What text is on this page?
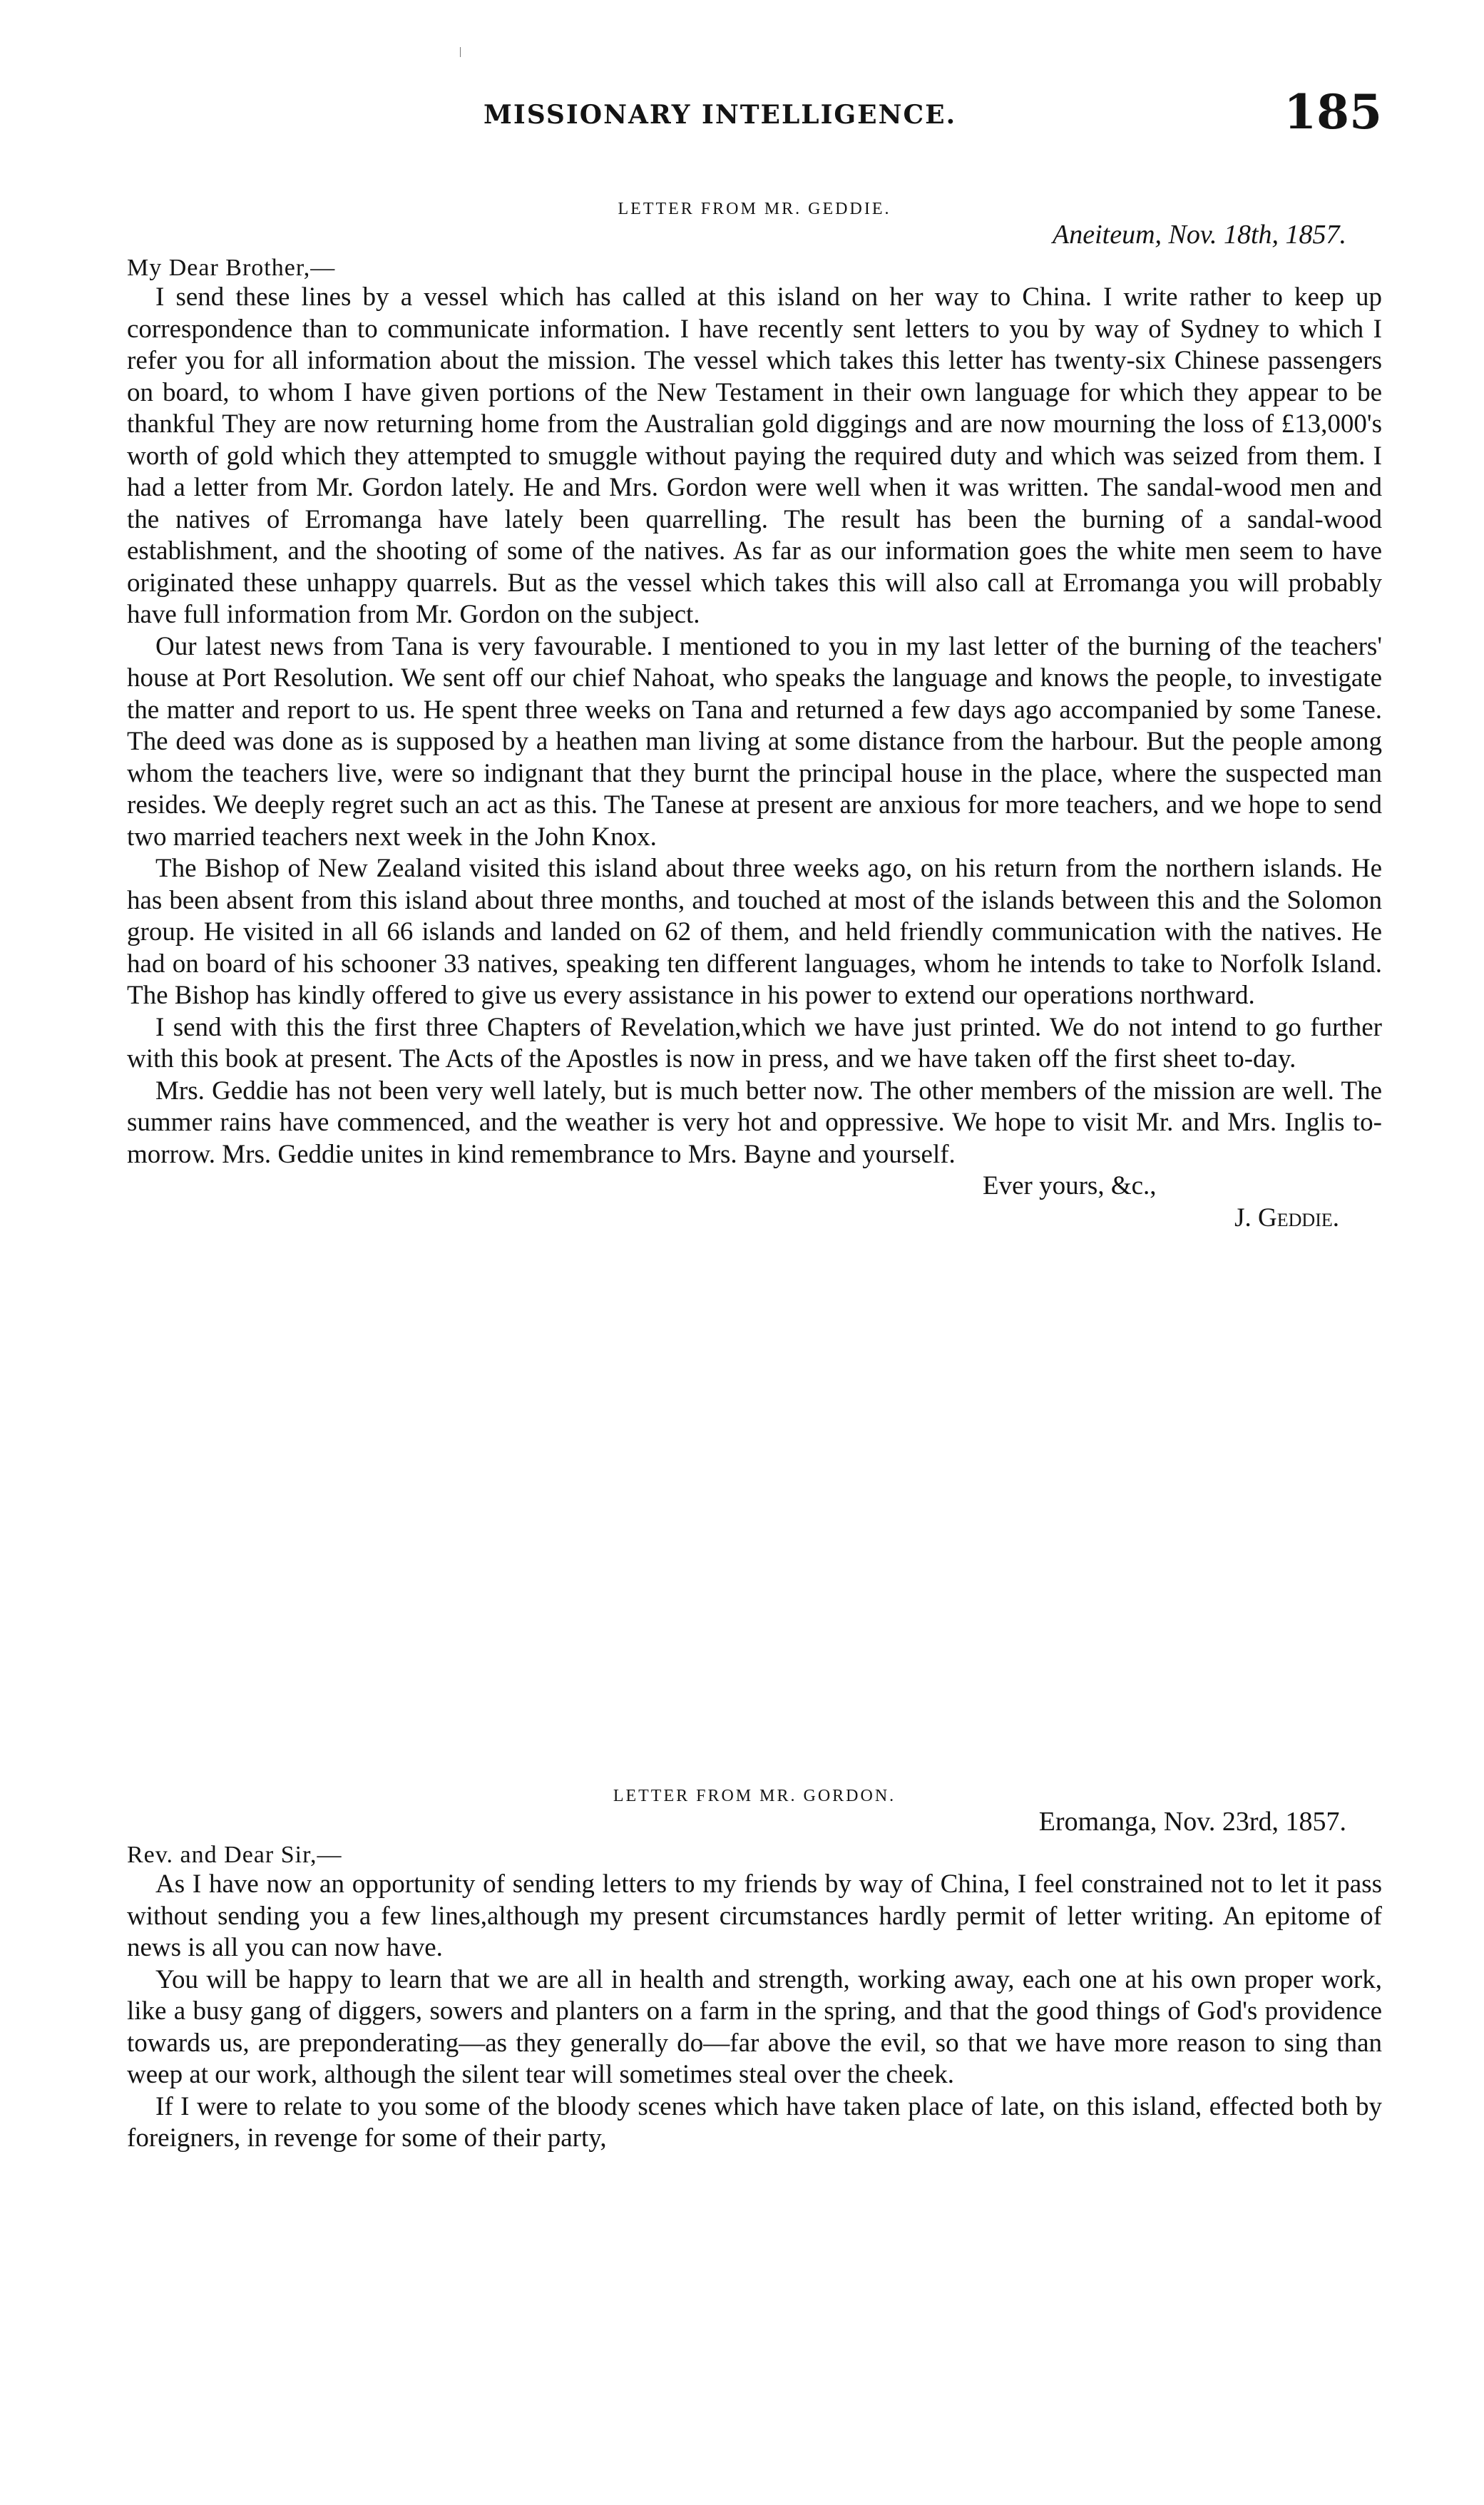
MISSIONARY INTELLIGENCE.	185
LETTER FROM MR. GEDDIE.
Aneiteum, Nov. 18th, 1857.
My Dear Brother,—

I send these lines by a vessel which has called at this island on her way to China. I write rather to keep up correspondence than to communicate information. I have recently sent letters to you by way of Sydney to which I refer you for all information about the mission. The vessel which takes this letter has twenty-six Chinese passengers on board, to whom I have given portions of the New Testament in their own language for which they appear to be thankful They are now returning home from the Australian gold diggings and are now mourning the loss of £13,000's worth of gold which they attempted to smuggle without paying the required duty and which was seized from them. I had a letter from Mr. Gordon lately. He and Mrs. Gordon were well when it was written. The sandal-wood men and the natives of Erromanga have lately been quarrelling. The result has been the burning of a sandal-wood establishment, and the shooting of some of the natives. As far as our information goes the white men seem to have originated these unhappy quarrels. But as the vessel which takes this will also call at Erromanga you will probably have full information from Mr. Gordon on the subject.

Our latest news from Tana is very favourable. I mentioned to you in my last letter of the burning of the teachers' house at Port Resolution. We sent off our chief Nahoat, who speaks the language and knows the people, to investigate the matter and report to us. He spent three weeks on Tana and returned a few days ago accompanied by some Tanese. The deed was done as is supposed by a heathen man living at some distance from the harbour. But the people among whom the teachers live, were so indignant that they burnt the principal house in the place, where the suspected man resides. We deeply regret such an act as this. The Tanese at present are anxious for more teachers, and we hope to send two married teachers next week in the John Knox.

The Bishop of New Zealand visited this island about three weeks ago, on his return from the northern islands. He has been absent from this island about three months, and touched at most of the islands between this and the Solomon group. He visited in all 66 islands and landed on 62 of them, and held friendly communication with the natives. He had on board of his schooner 33 natives, speaking ten different languages, whom he intends to take to Norfolk Island. The Bishop has kindly offered to give us every assistance in his power to extend our operations northward.

I send with this the first three Chapters of Revelation,which we have just printed. We do not intend to go further with this book at present. The Acts of the Apostles is now in press, and we have taken off the first sheet to-day.

Mrs. Geddie has not been very well lately, but is much better now. The other members of the mission are well. The summer rains have commenced, and the weather is very hot and oppressive. We hope to visit Mr. and Mrs. Inglis to-morrow. Mrs. Geddie unites in kind remembrance to Mrs. Bayne and yourself.

Ever yours, &c.,
J. Geddie.
LETTER FROM MR. GORDON.
Eromanga, Nov. 23rd, 1857.
Rev. and Dear Sir,—

As I have now an opportunity of sending letters to my friends by way of China, I feel constrained not to let it pass without sending you a few lines,although my present circumstances hardly permit of letter writing. An epitome of news is all you can now have.

You will be happy to learn that we are all in health and strength, working away, each one at his own proper work, like a busy gang of diggers, sowers and planters on a farm in the spring, and that the good things of God's providence towards us, are preponderating—as they generally do—far above the evil, so that we have more reason to sing than weep at our work, although the silent tear will sometimes steal over the cheek.

If I were to relate to you some of the bloody scenes which have taken place of late, on this island, effected both by foreigners, in revenge for some of their party,
